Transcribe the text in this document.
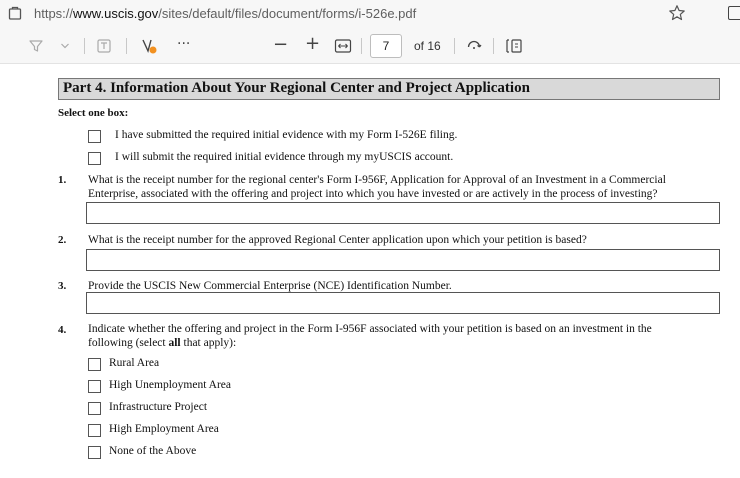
https://www.uscis.gov/sites/default/files/document/forms/i-526e.pdf
···	− +	7	of 16
Part 4. Information About Your Regional Center and Project Application
Select one box:
I have submitted the required initial evidence with my Form I-526E filing.
I will submit the required initial evidence through my myUSCIS account.
1. What is the receipt number for the regional center's Form I-956F, Application for Approval of an Investment in a Commercial
Enterprise, associated with the offering and project into which you have invested or are actively in the process of investing?
2. What is the receipt number for the approved Regional Center application upon which your petition is based?
3. Provide the USCIS New Commercial Enterprise (NCE) Identification Number.
4. Indicate whether the offering and project in the Form I-956F associated with your petition is based on an investment in the
following (select all that apply):
Rural Area
High Unemployment Area
Infrastructure Project
High Employment Area
None of the Above
